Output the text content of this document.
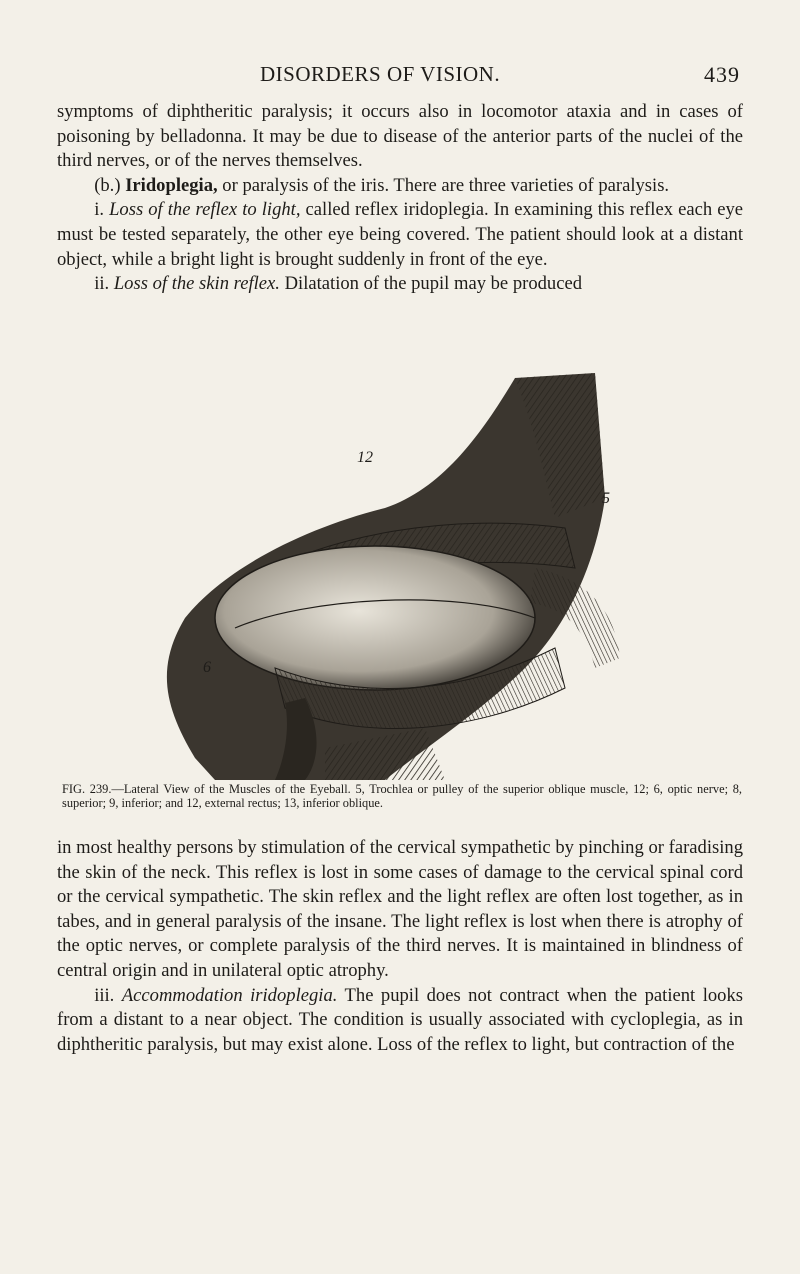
DISORDERS OF VISION.	439

symptoms of diphtheritic paralysis; it occurs also in locomotor ataxia and in cases of poisoning by belladonna. It may be due to disease of the anterior parts of the nuclei of the third nerves, or of the nerves themselves.

(b.) Iridoplegia, or paralysis of the iris. There are three varieties of paralysis.

i. Loss of the reflex to light, called reflex iridoplegia. In examining this reflex each eye must be tested separately, the other eye being covered. The patient should look at a distant object, while a bright light is brought suddenly in front of the eye.

ii. Loss of the skin reflex. Dilatation of the pupil may be produced

12
5
6
FIG. 239.—Lateral View of the Muscles of the Eyeball. 5, Trochlea or pulley of the superior oblique muscle, 12; 6, optic nerve; 8, superior; 9, inferior; and 12, external rectus; 13, inferior oblique.

in most healthy persons by stimulation of the cervical sympathetic by pinching or faradising the skin of the neck. This reflex is lost in some cases of damage to the cervical spinal cord or the cervical sympathetic. The skin reflex and the light reflex are often lost together, as in tabes, and in general paralysis of the insane. The light reflex is lost when there is atrophy of the optic nerves, or complete paralysis of the third nerves. It is maintained in blindness of central origin and in unilateral optic atrophy.

iii. Accommodation iridoplegia. The pupil does not contract when the patient looks from a distant to a near object. The condition is usually associated with cycloplegia, as in diphtheritic paralysis, but may exist alone. Loss of the reflex to light, but contraction of the
